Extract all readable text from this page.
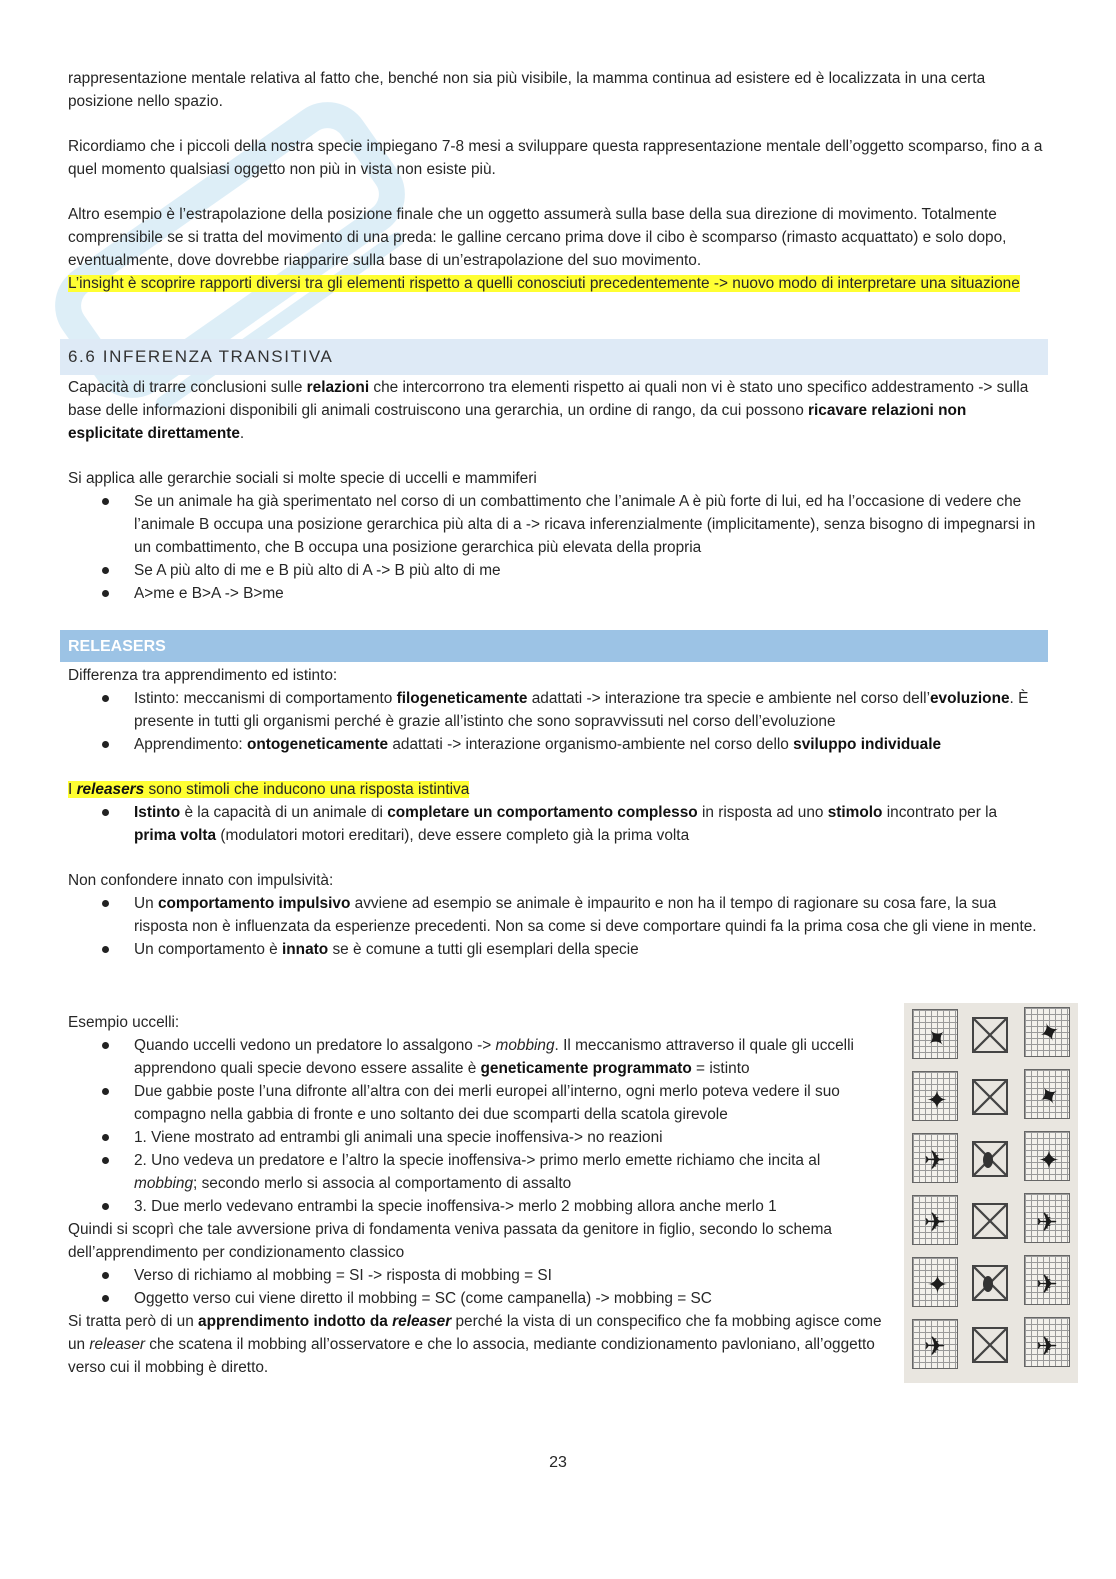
rappresentazione mentale relativa al fatto che, benché non sia più visibile, la mamma continua ad esistere ed è localizzata in una certa posizione nello spazio.

Ricordiamo che i piccoli della nostra specie impiegano 7-8 mesi a sviluppare questa rappresentazione mentale dell’oggetto scomparso, fino a a quel momento qualsiasi oggetto non più in vista non esiste più.

Altro esempio è l’estrapolazione della posizione finale che un oggetto assumerà sulla base della sua direzione di movimento. Totalmente comprensibile se si tratta del movimento di una preda: le galline cercano prima dove il cibo è scomparso (rimasto acquattato) e solo dopo, eventualmente, dove dovrebbe riapparire sulla base di un’estrapolazione del suo movimento.

L’insight è scoprire rapporti diversi tra gli elementi rispetto a quelli conosciuti precedentemente -> nuovo modo di interpretare una situazione

6.6 INFERENZA TRANSITIVA

Capacità di trarre conclusioni sulle relazioni che intercorrono tra elementi rispetto ai quali non vi è stato uno specifico addestramento -> sulla base delle informazioni disponibili gli animali costruiscono una gerarchia, un ordine di rango, da cui possono ricavare relazioni non esplicitate direttamente.

Si applica alle gerarchie sociali si molte specie di uccelli e mammiferi

Se un animale ha già sperimentato nel corso di un combattimento che l’animale A è più forte di lui, ed ha l’occasione di vedere che l’animale B occupa una posizione gerarchica più alta di a -> ricava inferenzialmente (implicitamente), senza bisogno di impegnarsi in un combattimento, che B occupa una posizione gerarchica più elevata della propria
Se A più alto di me e B più alto di A -> B più alto di me
A>me e B>A -> B>me
RELEASERS

Differenza tra apprendimento ed istinto:

Istinto: meccanismi di comportamento filogeneticamente adattati -> interazione tra specie e ambiente nel corso dell’evoluzione. È presente in tutti gli organismi perché è grazie all’istinto che sono sopravvissuti nel corso dell’evoluzione
Apprendimento: ontogeneticamente adattati -> interazione organismo-ambiente nel corso dello sviluppo individuale

I releasers sono stimoli che inducono una risposta istintiva

Istinto è la capacità di un animale di completare un comportamento complesso in risposta ad uno stimolo incontrato per la prima volta (modulatori motori ereditari), deve essere completo già la prima volta

Non confondere innato con impulsività:

Un comportamento impulsivo avviene ad esempio se animale è impaurito e non ha il tempo di ragionare su cosa fare, la sua risposta non è influenzata da esperienze precedenti. Non sa come si deve comportare quindi fa la prima cosa che gli viene in mente.
Un comportamento è innato se è comune a tutti gli esemplari della specie

Esempio uccelli:

Quando uccelli vedono un predatore lo assalgono -> mobbing. Il meccanismo attraverso il quale gli uccelli apprendono quali specie devono essere assalite è geneticamente programmato = istinto
Due gabbie poste l’una difronte all’altra con dei merli europei all’interno, ogni merlo poteva vedere il suo compagno nella gabbia di fronte e uno soltanto dei due scomparti della scatola girevole
1. Viene mostrato ad entrambi gli animali una specie inoffensiva-> no reazioni
2. Uno vedeva un predatore e l’altro la specie inoffensiva-> primo merlo emette richiamo che incita al mobbing; secondo merlo si associa al comportamento di assalto
3. Due merlo vedevano entrambi la specie inoffensiva-> merlo 2 mobbing allora anche merlo 1

Quindi si scoprì che tale avversione priva di fondamenta veniva passata da genitore in figlio, secondo lo schema dell’apprendimento per condizionamento classico

Verso di richiamo al mobbing = SI -> risposta di mobbing = SI
Oggetto verso cui viene diretto il mobbing = SC (come campanella) -> mobbing = SC

Si tratta però di un apprendimento indotto da releaser perché la vista di un conspecifico che fa mobbing agisce come un releaser che scatena il mobbing all’osservatore e che lo associa, mediante condizionamento pavloniano, all’oggetto verso cui il mobbing è diretto.

✦	✦
✦	✦
✈	✦
✈	✈
✦	✈
✈	✈
23
